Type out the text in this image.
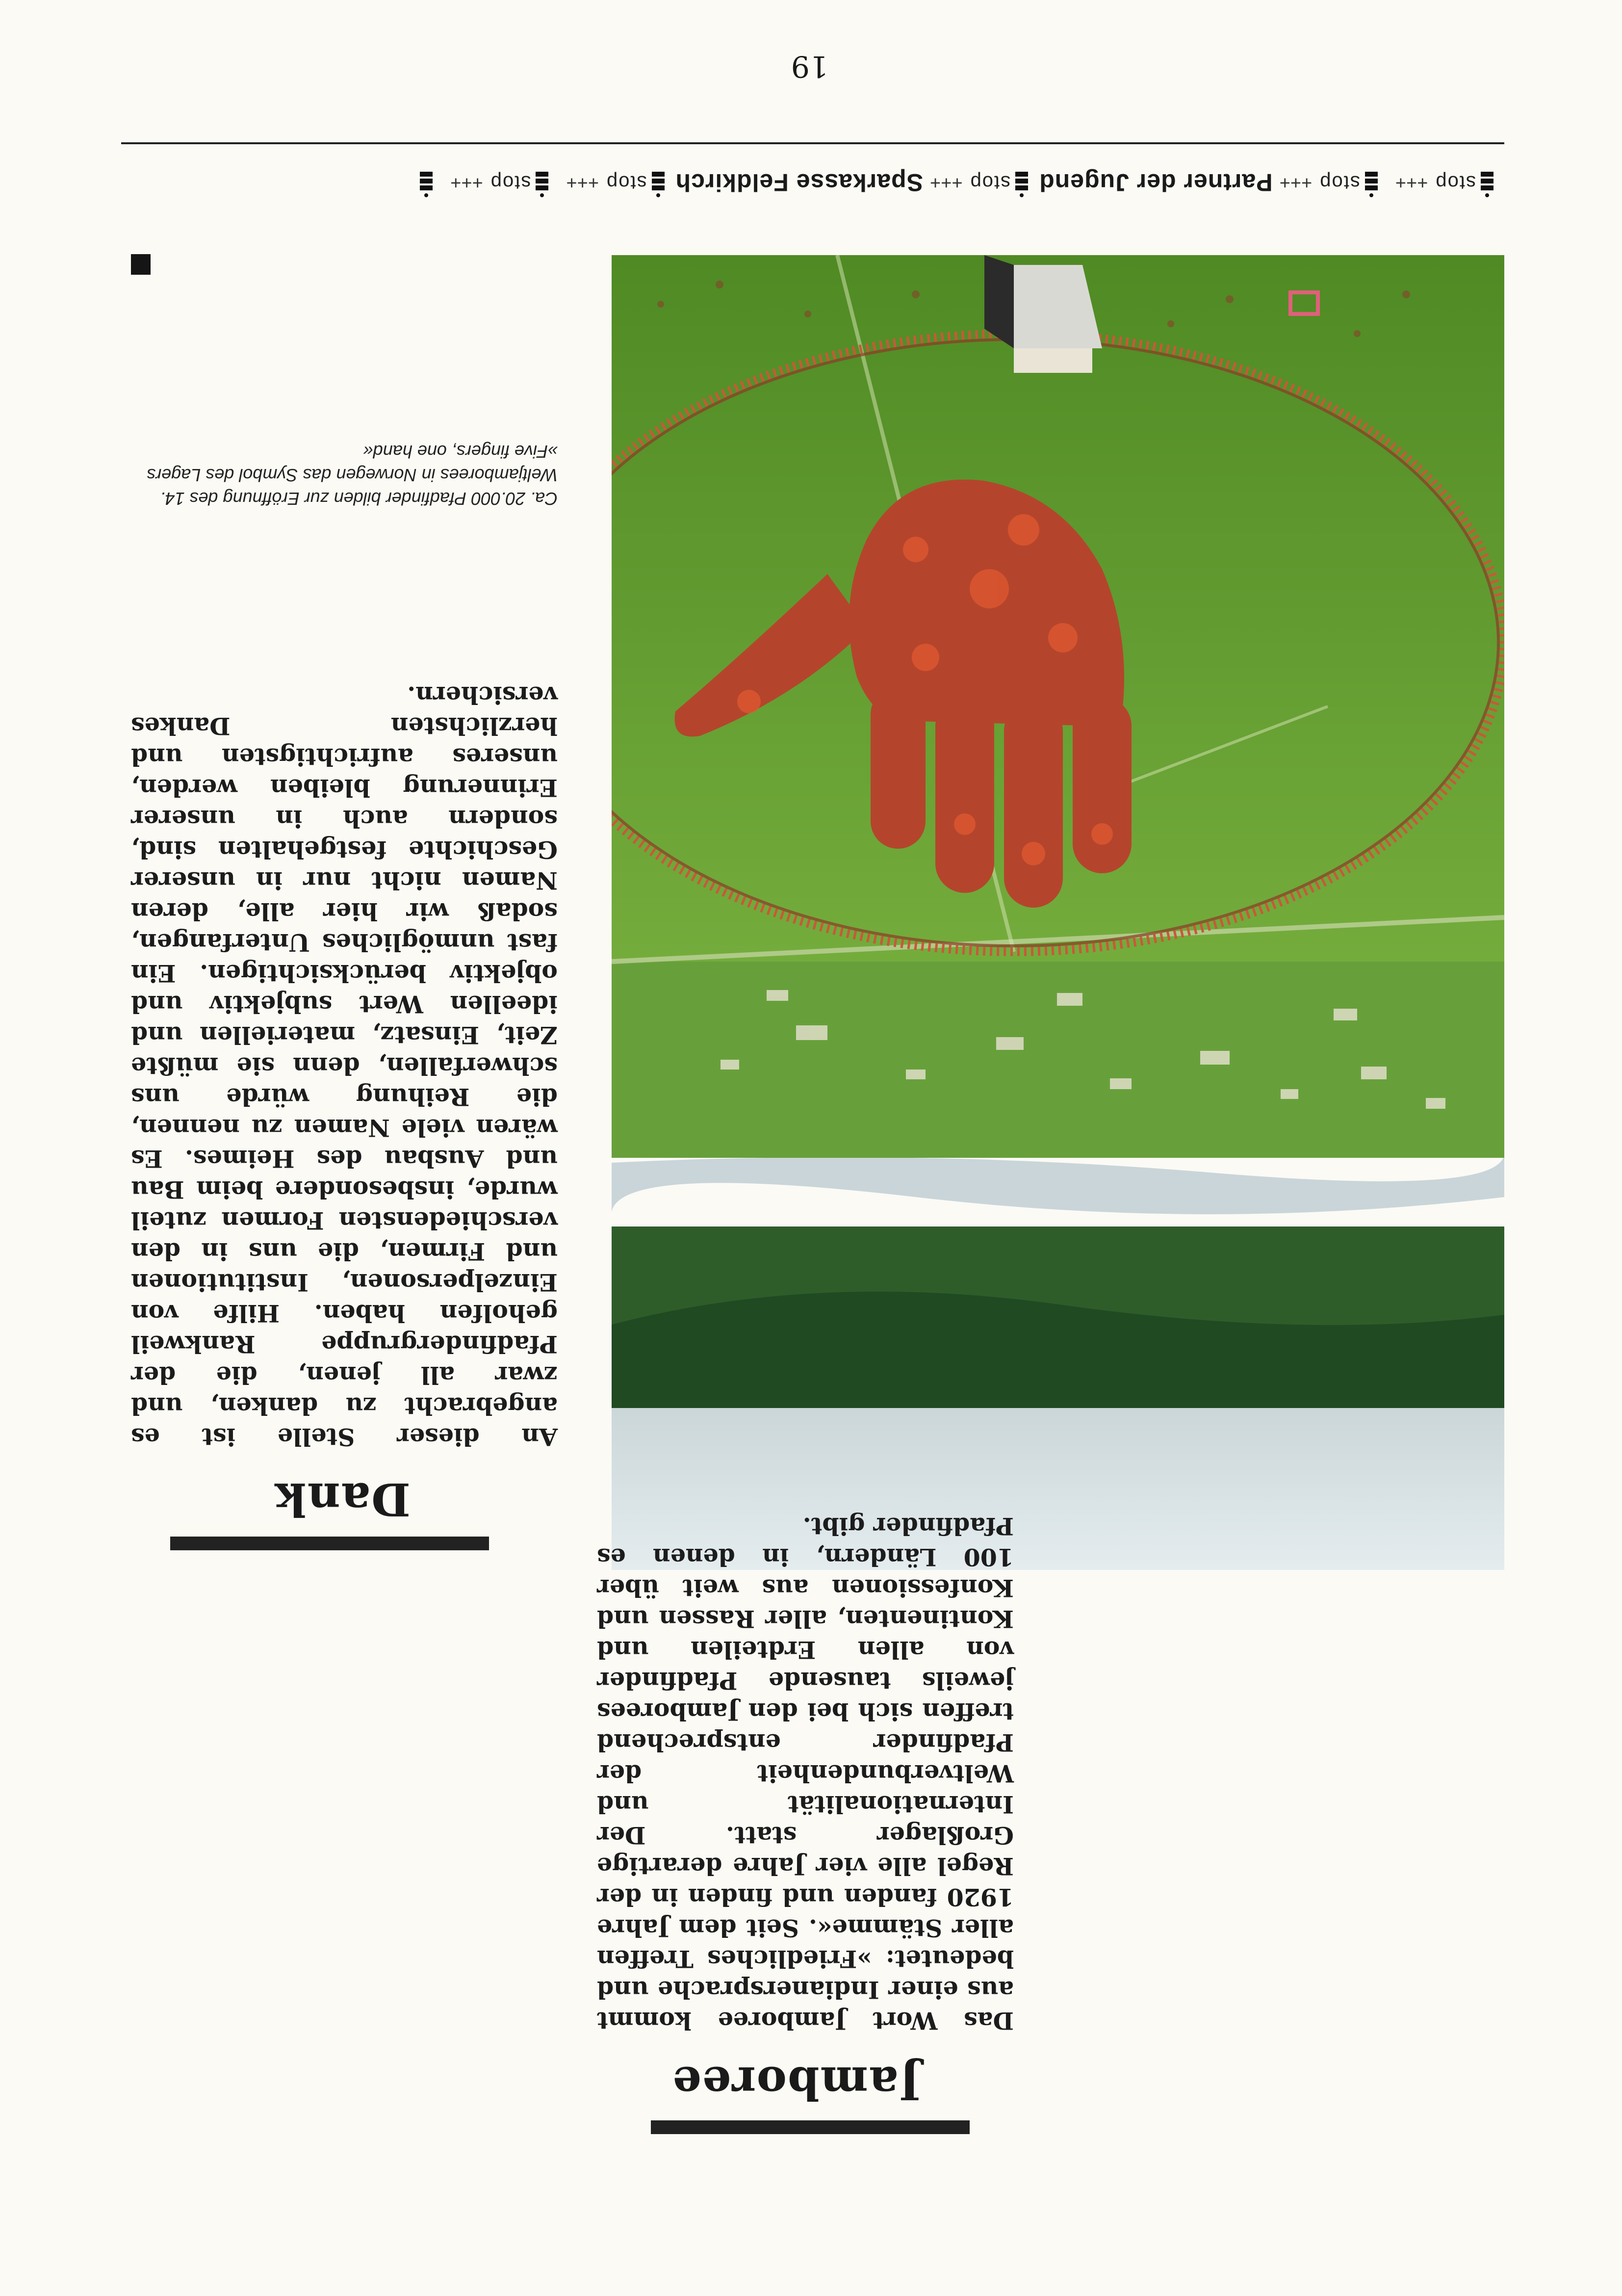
19
stop+++
stop+++Partner der Jugend
stop+++Sparkasse Feldkirch
stop+++
stop+++
Ca. 20.000 Pfadfinder bilden zur Eröffnung des 14. Weltjamborees in Norwegen das Symbol des Lagers »Five fingers, one hand«
Dank

An dieser Stelle ist es angebracht zu danken, und zwar all jenen, die der Pfadfindergruppe Rankweil geholfen haben. Hilfe von Einzelpersonen, Institutionen und Firmen, die uns in den verschiedensten Formen zuteil wurde, insbesondere beim Bau und Ausbau des Heimes. Es wären viele Namen zu nennen, die Reihung würde uns schwerfallen, denn sie müßte Zeit, Einsatz, materiellen und ideellen Wert subjektiv und objektiv berücksichtigen. Ein fast unmögliches Unterfangen, sodaß wir hier alle, deren Namen nicht nur in unserer Geschichte festgehalten sind, sondern auch in unserer Erinnerung bleiben werden, unseres aufrichtigsten und herzlichsten Dankes versichern.

Jamboree

Das Wort Jamboree kommt aus einer Indianersprache und bedeutet: »Friedliches Treffen aller Stämme«. Seit dem Jahre 1920 fanden und finden in der Regel alle vier Jahre derartige Großlager statt. Der Internationalität und Weltverbundenheit der Pfadfinder entsprechend treffen sich bei den Jamborees jeweils tausende Pfadfinder von allen Erdteilen und Kontinenten, aller Rassen und Konfessionen aus weit über 100 Ländern, in denen es Pfadfinder gibt.
